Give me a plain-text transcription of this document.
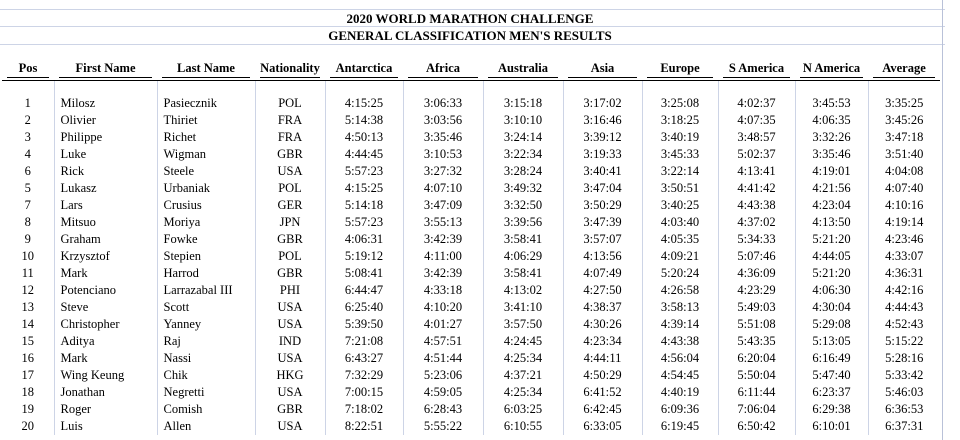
2020 WORLD MARATHON CHALLENGE
GENERAL CLASSIFICATION MEN'S RESULTS
Pos	First Name	Last Name	Nationality	Antarctica	Africa	Australia	Asia	Europe	S America	N America	Average

1	Milosz	Pasiecznik	POL	4:15:25	3:06:33	3:15:18	3:17:02	3:25:08	4:02:37	3:45:53	3:35:25
2	Olivier	Thiriet	FRA	5:14:38	3:03:56	3:10:10	3:16:46	3:18:25	4:07:35	4:06:35	3:45:26
3	Philippe	Richet	FRA	4:50:13	3:35:46	3:24:14	3:39:12	3:40:19	3:48:57	3:32:26	3:47:18
4	Luke	Wigman	GBR	4:44:45	3:10:53	3:22:34	3:19:33	3:45:33	5:02:37	3:35:46	3:51:40
6	Rick	Steele	USA	5:57:23	3:27:32	3:28:24	3:40:41	3:22:14	4:13:41	4:19:01	4:04:08
5	Lukasz	Urbaniak	POL	4:15:25	4:07:10	3:49:32	3:47:04	3:50:51	4:41:42	4:21:56	4:07:40
7	Lars	Crusius	GER	5:14:18	3:47:09	3:32:50	3:50:29	3:40:25	4:43:38	4:23:04	4:10:16
8	Mitsuo	Moriya	JPN	5:57:23	3:55:13	3:39:56	3:47:39	4:03:40	4:37:02	4:13:50	4:19:14
9	Graham	Fowke	GBR	4:06:31	3:42:39	3:58:41	3:57:07	4:05:35	5:34:33	5:21:20	4:23:46
10	Krzysztof	Stepien	POL	5:19:12	4:11:00	4:06:29	4:13:56	4:09:21	5:07:46	4:44:05	4:33:07
11	Mark	Harrod	GBR	5:08:41	3:42:39	3:58:41	4:07:49	5:20:24	4:36:09	5:21:20	4:36:31
12	Potenciano	Larrazabal III	PHI	6:44:47	4:33:18	4:13:02	4:27:50	4:26:58	4:23:29	4:06:30	4:42:16
13	Steve	Scott	USA	6:25:40	4:10:20	3:41:10	4:38:37	3:58:13	5:49:03	4:30:04	4:44:43
14	Christopher	Yanney	USA	5:39:50	4:01:27	3:57:50	4:30:26	4:39:14	5:51:08	5:29:08	4:52:43
15	Aditya	Raj	IND	7:21:08	4:57:51	4:24:45	4:23:34	4:43:38	5:43:35	5:13:05	5:15:22
16	Mark	Nassi	USA	6:43:27	4:51:44	4:25:34	4:44:11	4:56:04	6:20:04	6:16:49	5:28:16
17	Wing Keung	Chik	HKG	7:32:29	5:23:06	4:37:21	4:50:29	4:54:45	5:50:04	5:47:40	5:33:42
18	Jonathan	Negretti	USA	7:00:15	4:59:05	4:25:34	6:41:52	4:40:19	6:11:44	6:23:37	5:46:03
19	Roger	Comish	GBR	7:18:02	6:28:43	6:03:25	6:42:45	6:09:36	7:06:04	6:29:38	6:36:53
20	Luis	Allen	USA	8:22:51	5:55:22	6:10:55	6:33:05	6:19:45	6:50:42	6:10:01	6:37:31
